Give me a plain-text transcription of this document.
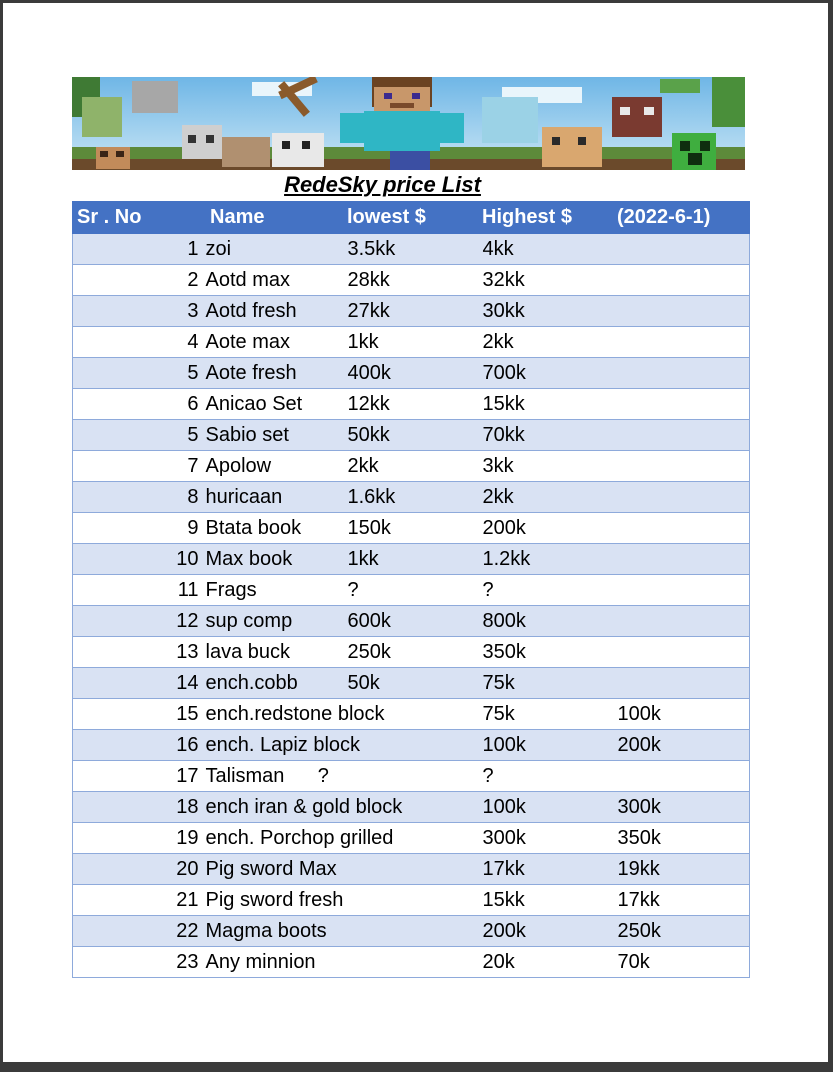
RedeSky price List
Sr . No	Name	lowest $	Highest $	(2022-6-1)
1	zoi	3.5kk	4kk	
2	Aotd max	28kk	32kk	
3	Aotd fresh	27kk	30kk	
4	Aote max	1kk	2kk	
5	Aote fresh	400k	700k	
6	Anicao Set	12kk	15kk	
5	Sabio set	50kk	70kk	
7	Apolow	2kk	3kk	
8	huricaan	1.6kk	2kk	
9	Btata book	150k	200k	
10	Max book	1kk	1.2kk	
11	Frags	?	?	
12	sup comp	600k	800k	
13	lava buck	250k	350k	
14	ench.cobb	50k	75k	
15	ench.redstone block		75k	100k
16	ench. Lapiz block		100k	200k
17	Talisman      ?		?	
18	ench iran & gold block		100k	300k
19	ench. Porchop grilled		300k	350k
20	Pig sword Max		17kk	19kk
21	Pig sword fresh		15kk	17kk
22	Magma boots		200k	250k
23	Any minnion		20k	70k
